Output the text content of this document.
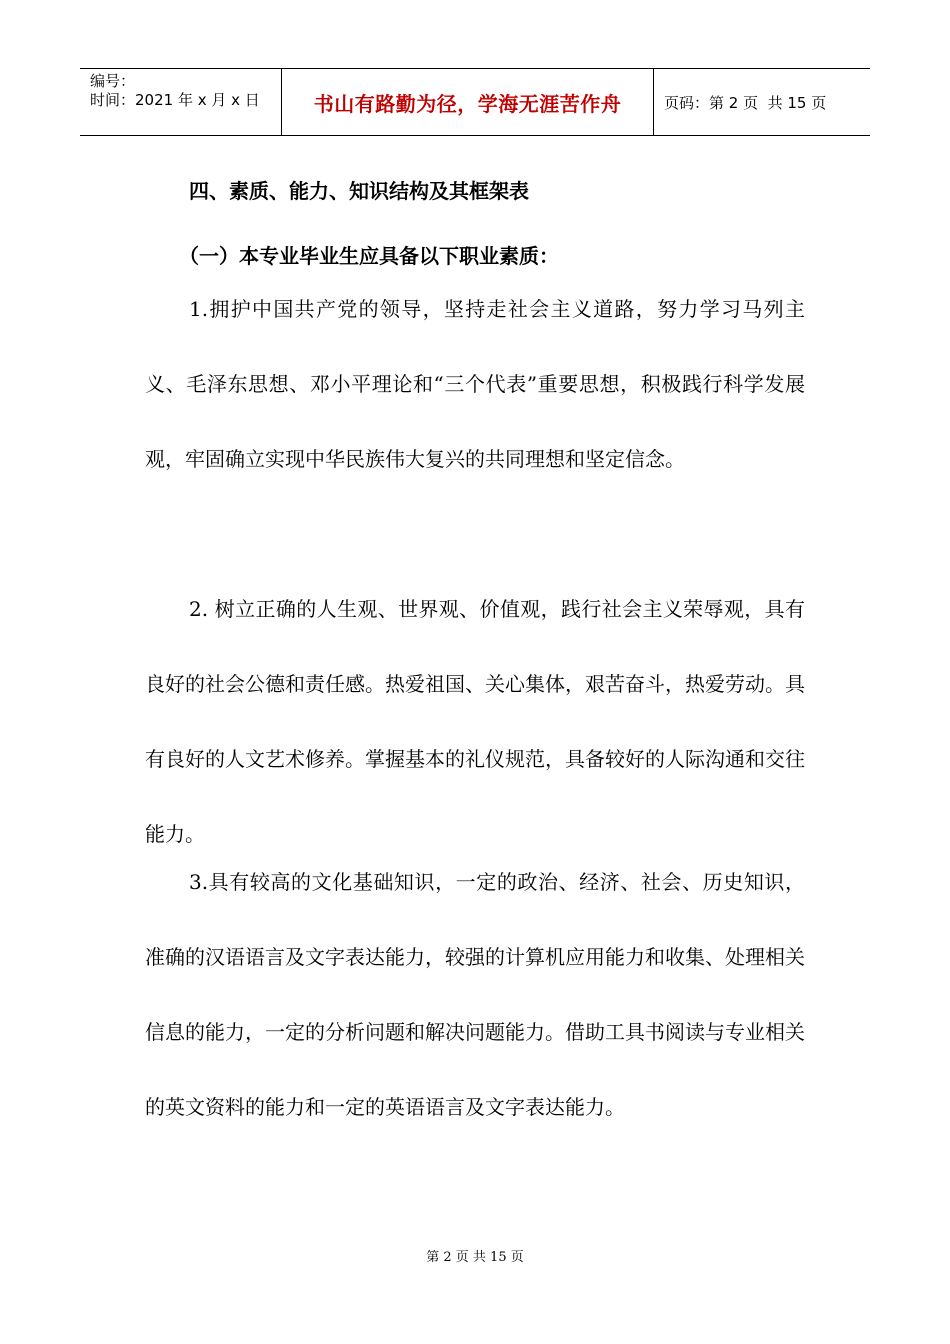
编号：
时间：2021 年 x 月 x 日	书山有路勤为径，学海无涯苦作舟	页码：第 2 页  共 15 页
四、素质、能力、知识结构及其框架表
（一）本专业毕业生应具备以下职业素质：
1.拥护中国共产党的领导，坚持走社会主义道路，努力学习马列主义、毛泽东思想、邓小平理论和“三个代表”重要思想，积极践行科学发展观，牢固确立实现中华民族伟大复兴的共同理想和坚定信念。
2. 树立正确的人生观、世界观、价值观，践行社会主义荣辱观，具有良好的社会公德和责任感。热爱祖国、关心集体，艰苦奋斗，热爱劳动。具有良好的人文艺术修养。掌握基本的礼仪规范，具备较好的人际沟通和交往能力。
3.具有较高的文化基础知识，一定的政治、经济、社会、历史知识，准确的汉语语言及文字表达能力，较强的计算机应用能力和收集、处理相关信息的能力，一定的分析问题和解决问题能力。借助工具书阅读与专业相关的英文资料的能力和一定的英语语言及文字表达能力。
第 2 页 共 15 页
